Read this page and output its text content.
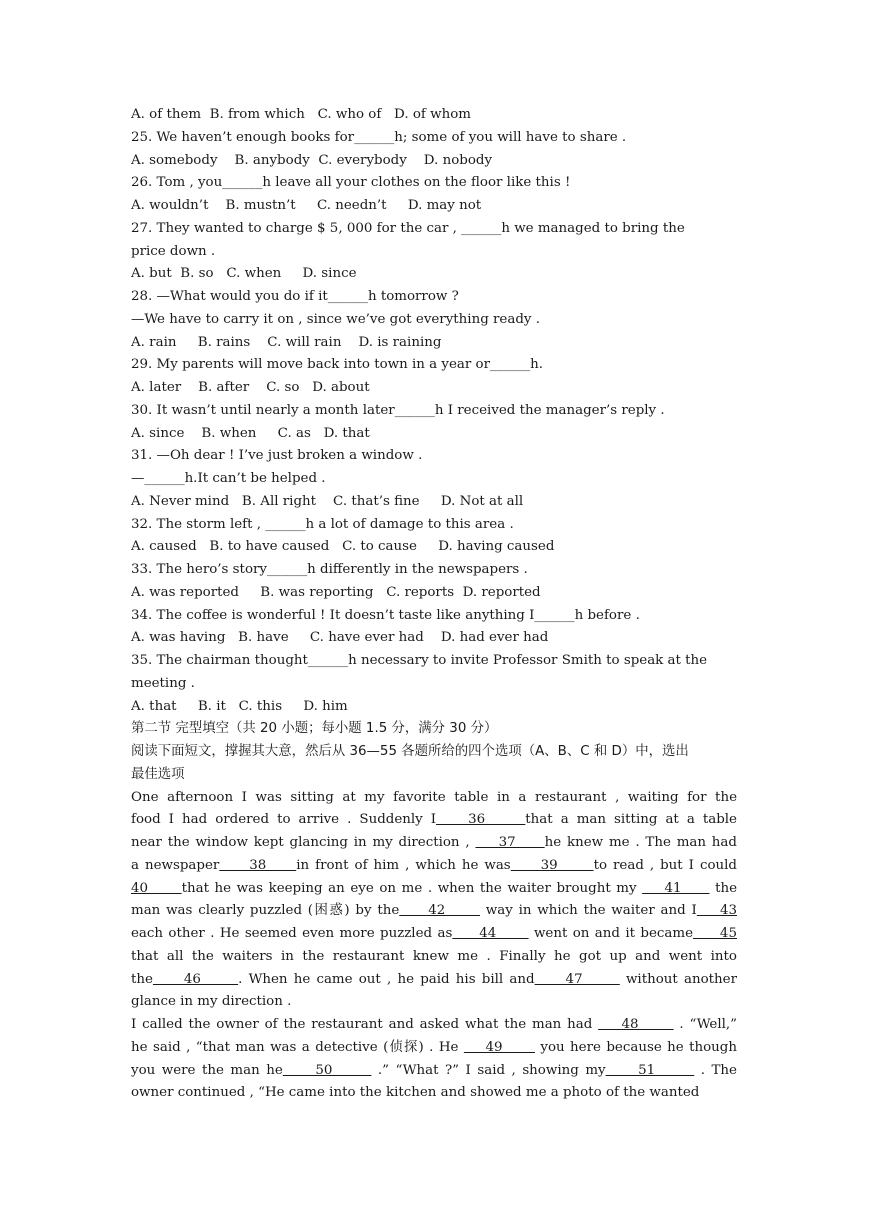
A. of them  B. from which   C. who of   D. of whom
25. We haven’t enough books for______h; some of you will have to share .
A. somebody    B. anybody  C. everybody    D. nobody
26. Tom , you______h leave all your clothes on the floor like this !
A. wouldn’t    B. mustn’t     C. needn’t     D. may not
27. They wanted to charge $ 5, 000 for the car , ______h we managed to bring the
price down .
A. but  B. so   C. when     D. since
28. —What would you do if it______h tomorrow ?
—We have to carry it on , since we’ve got everything ready .
A. rain     B. rains    C. will rain    D. is raining
29. My parents will move back into town in a year or______h.
A. later    B. after    C. so   D. about
30. It wasn’t until nearly a month later______h I received the manager’s reply .
A. since    B. when     C. as   D. that
31. —Oh dear ! I’ve just broken a window .
—______h.It can’t be helped .
A. Never mind   B. All right    C. that’s fine     D. Not at all
32. The storm left , ______h a lot of damage to this area .
A. caused   B. to have caused   C. to cause     D. having caused
33. The hero’s story______h differently in the newspapers .
A. was reported     B. was reporting   C. reports  D. reported
34. The coffee is wonderful ! It doesn’t taste like anything I______h before .
A. was having   B. have     C. have ever had    D. had ever had
35. The chairman thought______h necessary to invite Professor Smith to speak at the
meeting .
A. that     B. it   C. this     D. him
第二节 完型填空（共 20 小题；每小题 1.5 分，满分 30 分）
阅读下面短文，撑握其大意，然后从 36—55 各题所给的四个选项（A、B、C 和 D）中，选出
最佳选项
One afternoon I was sitting at my favorite table in a restaurant , waiting for the
food I had ordered to arrive . Suddenly I    36     that a man sitting at a table
near the window kept glancing in my direction ,     37     he knew me . The man had
a newspaper     38     in front of him , which he was     39      to read , but I could
40      that he was keeping an eye on me . when the waiter brought my     41      the
man was clearly puzzled (困惑) by the     42       way in which the waiter and I    43
each other . He seemed even more puzzled as     44       went on and it became     45
that all the waiters in the restaurant knew me . Finally he got up and went into
the     46      . When he came out , he paid his bill and     47       without another
glance in my direction .
I called the owner of the restaurant and asked what the man had     48       . “Well,”
he said , “that man was a detective (侦探) . He     49       you here because he though
you were the man he     50       .” “What ?” I said , showing my     51       . The
owner continued , “He came into the kitchen and showed me a photo of the wanted
